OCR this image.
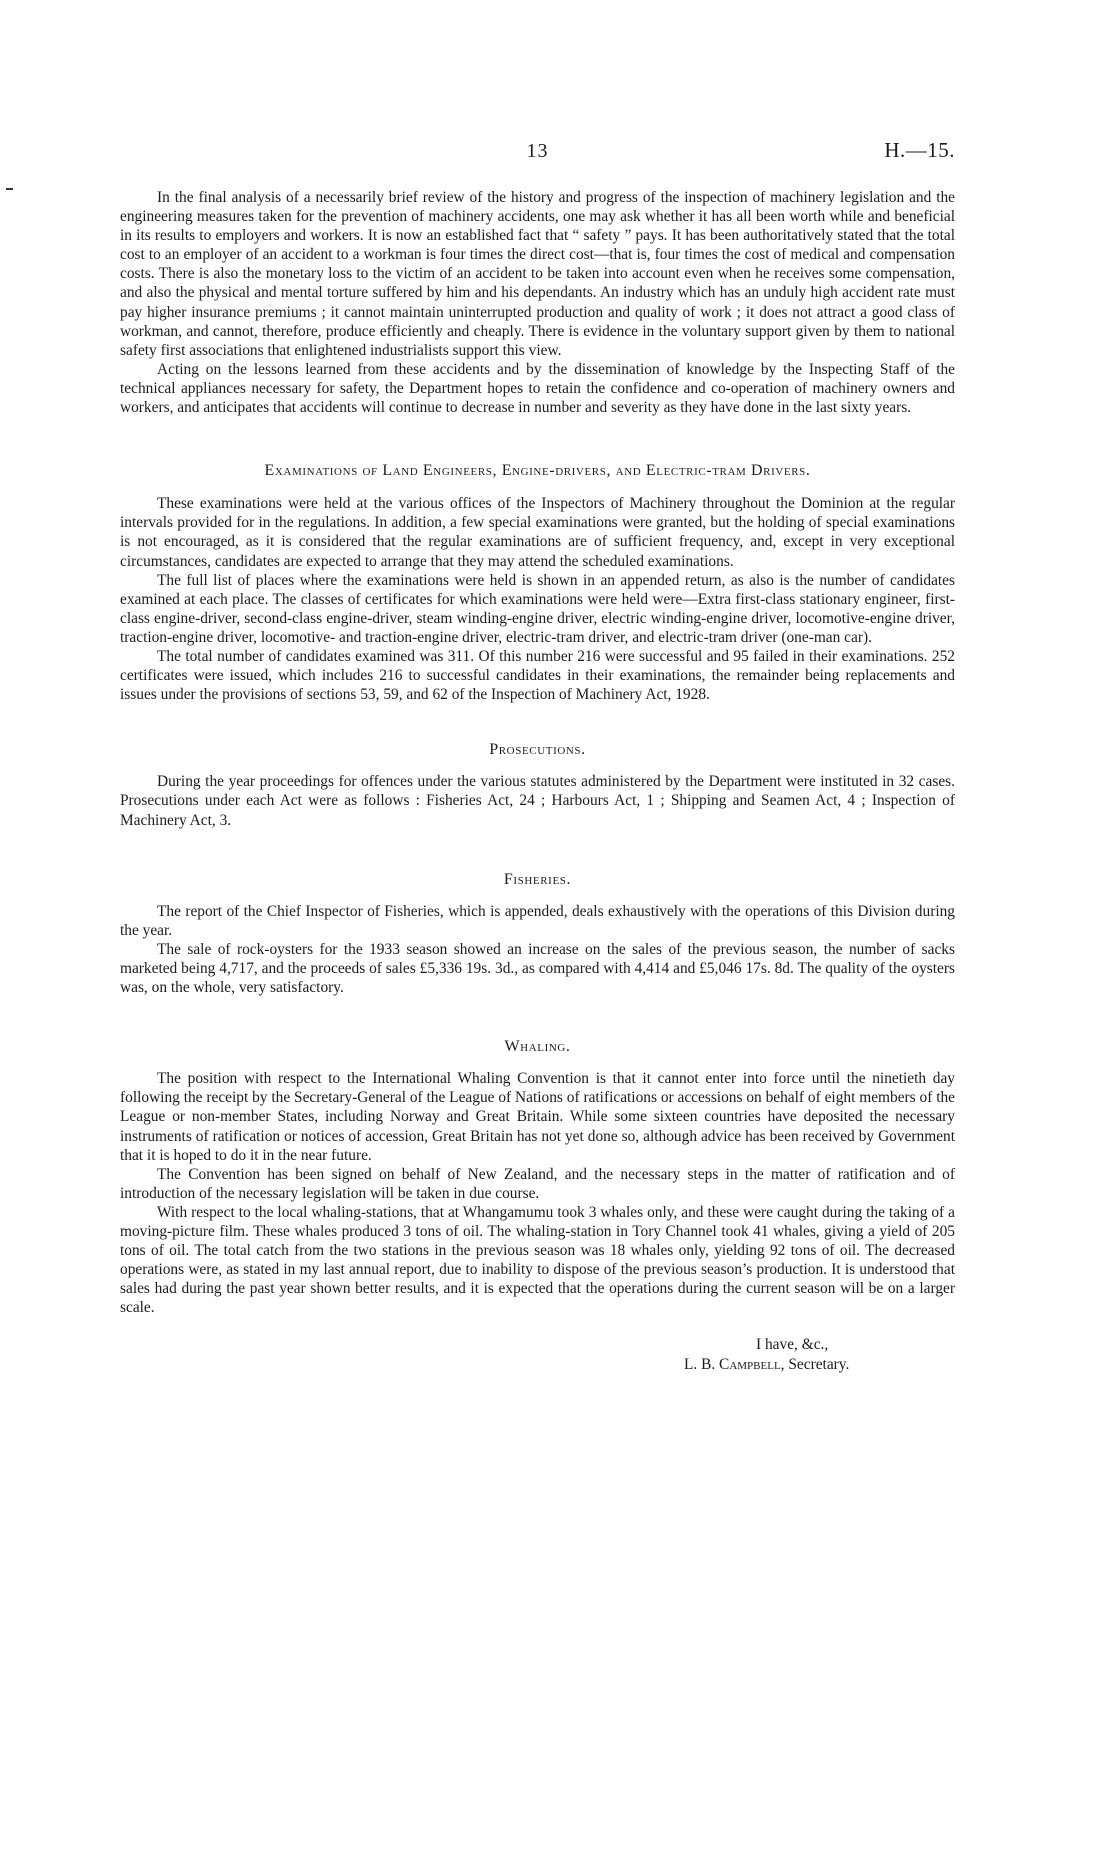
13	H.—15.

In the final analysis of a necessarily brief review of the history and progress of the inspection of machinery legislation and the engineering measures taken for the prevention of machinery accidents, one may ask whether it has all been worth while and beneficial in its results to employers and workers. It is now an established fact that “ safety ” pays. It has been authoritatively stated that the total cost to an employer of an accident to a workman is four times the direct cost—that is, four times the cost of medical and compensation costs. There is also the monetary loss to the victim of an accident to be taken into account even when he receives some compensation, and also the physical and mental torture suffered by him and his dependants. An industry which has an unduly high accident rate must pay higher insurance premiums ; it cannot maintain uninterrupted production and quality of work ; it does not attract a good class of workman, and cannot, therefore, produce efficiently and cheaply. There is evidence in the voluntary support given by them to national safety first associations that enlightened industrialists support this view.

Acting on the lessons learned from these accidents and by the dissemination of knowledge by the Inspecting Staff of the technical appliances necessary for safety, the Department hopes to retain the confidence and co-operation of machinery owners and workers, and anticipates that accidents will continue to decrease in number and severity as they have done in the last sixty years.

Examinations of Land Engineers, Engine-drivers, and Electric-tram Drivers.

These examinations were held at the various offices of the Inspectors of Machinery throughout the Dominion at the regular intervals provided for in the regulations. In addition, a few special examinations were granted, but the holding of special examinations is not encouraged, as it is considered that the regular examinations are of sufficient frequency, and, except in very exceptional circumstances, candidates are expected to arrange that they may attend the scheduled examinations.

The full list of places where the examinations were held is shown in an appended return, as also is the number of candidates examined at each place. The classes of certificates for which examinations were held were—Extra first-class stationary engineer, first-class engine-driver, second-class engine-driver, steam winding-engine driver, electric winding-engine driver, locomotive-engine driver, traction-engine driver, locomotive- and traction-engine driver, electric-tram driver, and electric-tram driver (one-man car).

The total number of candidates examined was 311. Of this number 216 were successful and 95 failed in their examinations. 252 certificates were issued, which includes 216 to successful candidates in their examinations, the remainder being replacements and issues under the provisions of sections 53, 59, and 62 of the Inspection of Machinery Act, 1928.

Prosecutions.

During the year proceedings for offences under the various statutes administered by the Department were instituted in 32 cases. Prosecutions under each Act were as follows : Fisheries Act, 24 ; Harbours Act, 1 ; Shipping and Seamen Act, 4 ; Inspection of Machinery Act, 3.

Fisheries.

The report of the Chief Inspector of Fisheries, which is appended, deals exhaustively with the operations of this Division during the year.

The sale of rock-oysters for the 1933 season showed an increase on the sales of the previous season, the number of sacks marketed being 4,717, and the proceeds of sales £5,336 19s. 3d., as compared with 4,414 and £5,046 17s. 8d. The quality of the oysters was, on the whole, very satisfactory.

Whaling.

The position with respect to the International Whaling Convention is that it cannot enter into force until the ninetieth day following the receipt by the Secretary-General of the League of Nations of ratifications or accessions on behalf of eight members of the League or non-member States, including Norway and Great Britain. While some sixteen countries have deposited the necessary instruments of ratification or notices of accession, Great Britain has not yet done so, although advice has been received by Government that it is hoped to do it in the near future.

The Convention has been signed on behalf of New Zealand, and the necessary steps in the matter of ratification and of introduction of the necessary legislation will be taken in due course.

With respect to the local whaling-stations, that at Whangamumu took 3 whales only, and these were caught during the taking of a moving-picture film. These whales produced 3 tons of oil. The whaling-station in Tory Channel took 41 whales, giving a yield of 205 tons of oil. The total catch from the two stations in the previous season was 18 whales only, yielding 92 tons of oil. The decreased operations were, as stated in my last annual report, due to inability to dispose of the previous season’s production. It is understood that sales had during the past year shown better results, and it is expected that the operations during the current season will be on a larger scale.

I have, &c.,
L. B. Campbell, Secretary.
